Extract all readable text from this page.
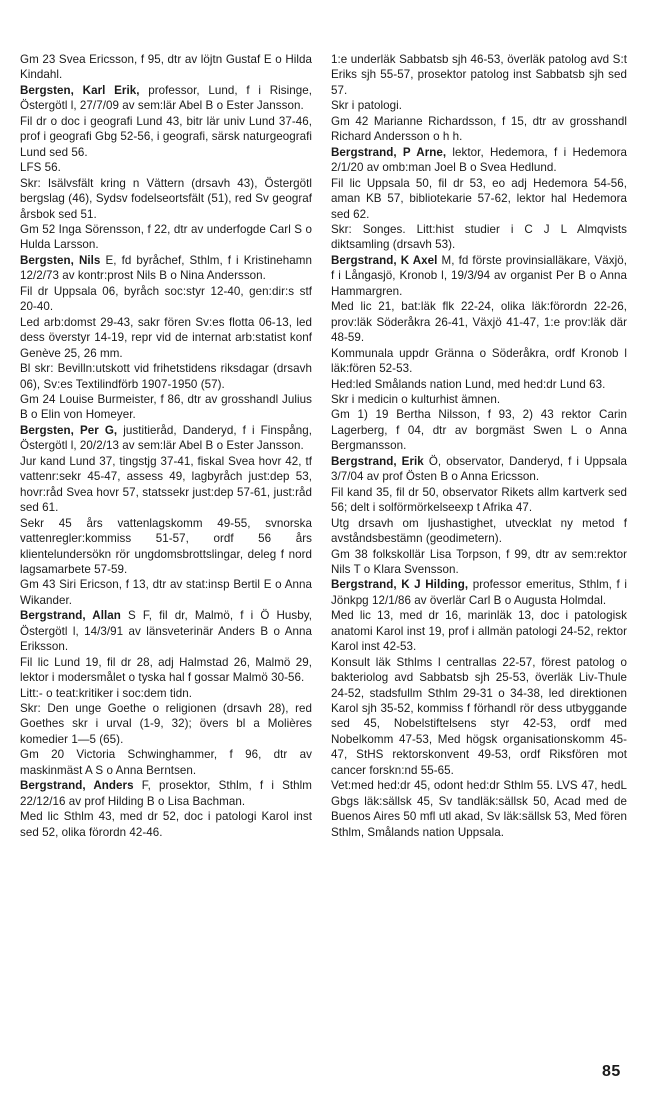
Gm 23 Svea Ericsson, f 95, dtr av löjtn Gustaf E o Hilda Kindahl.

Bergsten, Karl Erik, professor, Lund, f i Risinge, Östergötl l, 27/7/09 av sem:lär Abel B o Ester Jansson.

Fil dr o doc i geografi Lund 43, bitr lär univ Lund 37-46, prof i geografi Gbg 52-56, i geografi, särsk naturgeografi Lund sed 56.

LFS 56.

Skr: Isälvsfält kring n Vättern (drsavh 43), Östergötl bergslag (46), Sydsv fodelseortsfält (51), red Sv geograf årsbok sed 51.

Gm 52 Inga Sörensson, f 22, dtr av underfogde Carl S o Hulda Larsson.

Bergsten, Nils E, fd byråchef, Sthlm, f i Kristinehamn 12/2/73 av kontr:prost Nils B o Nina Andersson.

Fil dr Uppsala 06, byråch soc:styr 12-40, gen:dir:s stf 20-40.

Led arb:domst 29-43, sakr fören Sv:es flotta 06-13, led dess överstyr 14-19, repr vid de internat arb:statist konf Genève 25, 26 mm.

Bl skr: Bevilln:utskott vid frihetstidens riksdagar (drsavh 06), Sv:es Textilindförb 1907-1950 (57).

Gm 24 Louise Burmeister, f 86, dtr av grosshandl Julius B o Elin von Homeyer.

Bergsten, Per G, justitieråd, Danderyd, f i Finspång, Östergötl l, 20/2/13 av sem:lär Abel B o Ester Jansson.

Jur kand Lund 37, tingstjg 37-41, fiskal Svea hovr 42, tf vattenr:sekr 45-47, assess 49, lagbyråch just:dep 53, hovr:råd Svea hovr 57, statssekr just:dep 57-61, just:råd sed 61.

Sekr 45 års vattenlagskomm 49-55, svnorska vattenregler:kommiss 51-57, ordf 56 års klientelundersökn rör ungdomsbrottslingar, deleg f nord lagsamarbete 57-59.

Gm 43 Siri Ericson, f 13, dtr av stat:insp Bertil E o Anna Wikander.

Bergstrand, Allan S F, fil dr, Malmö, f i Ö Husby, Östergötl l, 14/3/91 av länsveterinär Anders B o Anna Eriksson.

Fil lic Lund 19, fil dr 28, adj Halmstad 26, Malmö 29, lektor i modersmålet o tyska hal f gossar Malmö 30-56.

Litt:- o teat:kritiker i soc:dem tidn.

Skr: Den unge Goethe o religionen (drsavh 28), red Goethes skr i urval (1-9, 32); övers bl a Molières komedier 1—5 (65).

Gm 20 Victoria Schwinghammer, f 96, dtr av maskinmäst A S o Anna Berntsen.

Bergstrand, Anders F, prosektor, Sthlm, f i Sthlm 22/12/16 av prof Hilding B o Lisa Bachman.

Med lic Sthlm 43, med dr 52, doc i patologi Karol inst sed 52, olika förordn 42-46.

1:e underläk Sabbatsb sjh 46-53, överläk patolog avd S:t Eriks sjh 55-57, prosektor patolog inst Sabbatsb sjh sed 57.

Skr i patologi.

Gm 42 Marianne Richardsson, f 15, dtr av grosshandl Richard Andersson o h h.

Bergstrand, P Arne, lektor, Hedemora, f i Hedemora 2/1/20 av omb:man Joel B o Svea Hedlund.

Fil lic Uppsala 50, fil dr 53, eo adj Hedemora 54-56, aman KB 57, bibliotekarie 57-62, lektor hal Hedemora sed 62.

Skr: Songes. Litt:hist studier i C J L Almqvists diktsamling (drsavh 53).

Bergstrand, K Axel M, fd förste provinsialläkare, Växjö, f i Långasjö, Kronob l, 19/3/94 av organist Per B o Anna Hammargren.

Med lic 21, bat:läk flk 22-24, olika läk:förordn 22-26, prov:läk Söderåkra 26-41, Växjö 41-47, 1:e prov:läk där 48-59.

Kommunala uppdr Gränna o Söderåkra, ordf Kronob l läk:fören 52-53.

Hed:led Smålands nation Lund, med hed:dr Lund 63.

Skr i medicin o kulturhist ämnen.

Gm 1) 19 Bertha Nilsson, f 93, 2) 43 rektor Carin Lagerberg, f 04, dtr av borgmäst Swen L o Anna Bergmansson.

Bergstrand, Erik Ö, observator, Danderyd, f i Uppsala 3/7/04 av prof Östen B o Anna Ericsson.

Fil kand 35, fil dr 50, observator Rikets allm kartverk sed 56; delt i solförmörkelseexp t Afrika 47.

Utg drsavh om ljushastighet, utvecklat ny metod f avståndsbestämn (geodimetern).

Gm 38 folkskollär Lisa Torpson, f 99, dtr av sem:rektor Nils T o Klara Svensson.

Bergstrand, K J Hilding, professor emeritus, Sthlm, f i Jönkpg 12/1/86 av överlär Carl B o Augusta Holmdal.

Med lic 13, med dr 16, marinläk 13, doc i patologisk anatomi Karol inst 19, prof i allmän patologi 24-52, rektor Karol inst 42-53.

Konsult läk Sthlms l centrallas 22-57, förest patolog o bakteriolog avd Sabbatsb sjh 25-53, överläk Liv-Thule 24-52, stadsfullm Sthlm 29-31 o 34-38, led direktionen Karol sjh 35-52, kommiss f förhandl rör dess utbyggande sed 45, Nobelstiftelsens styr 42-53, ordf med Nobelkomm 47-53, Med högsk organisationskomm 45-47, StHS rektorskonvent 49-53, ordf Riksfören mot cancer forskn:nd 55-65.

Vet:med hed:dr 45, odont hed:dr Sthlm 55. LVS 47, hedL Gbgs läk:sällsk 45, Sv tandläk:sällsk 50, Acad med de Buenos Aires 50 mfl utl akad, Sv läk:sällsk 53, Med fören Sthlm, Smålands nation Uppsala.

85
